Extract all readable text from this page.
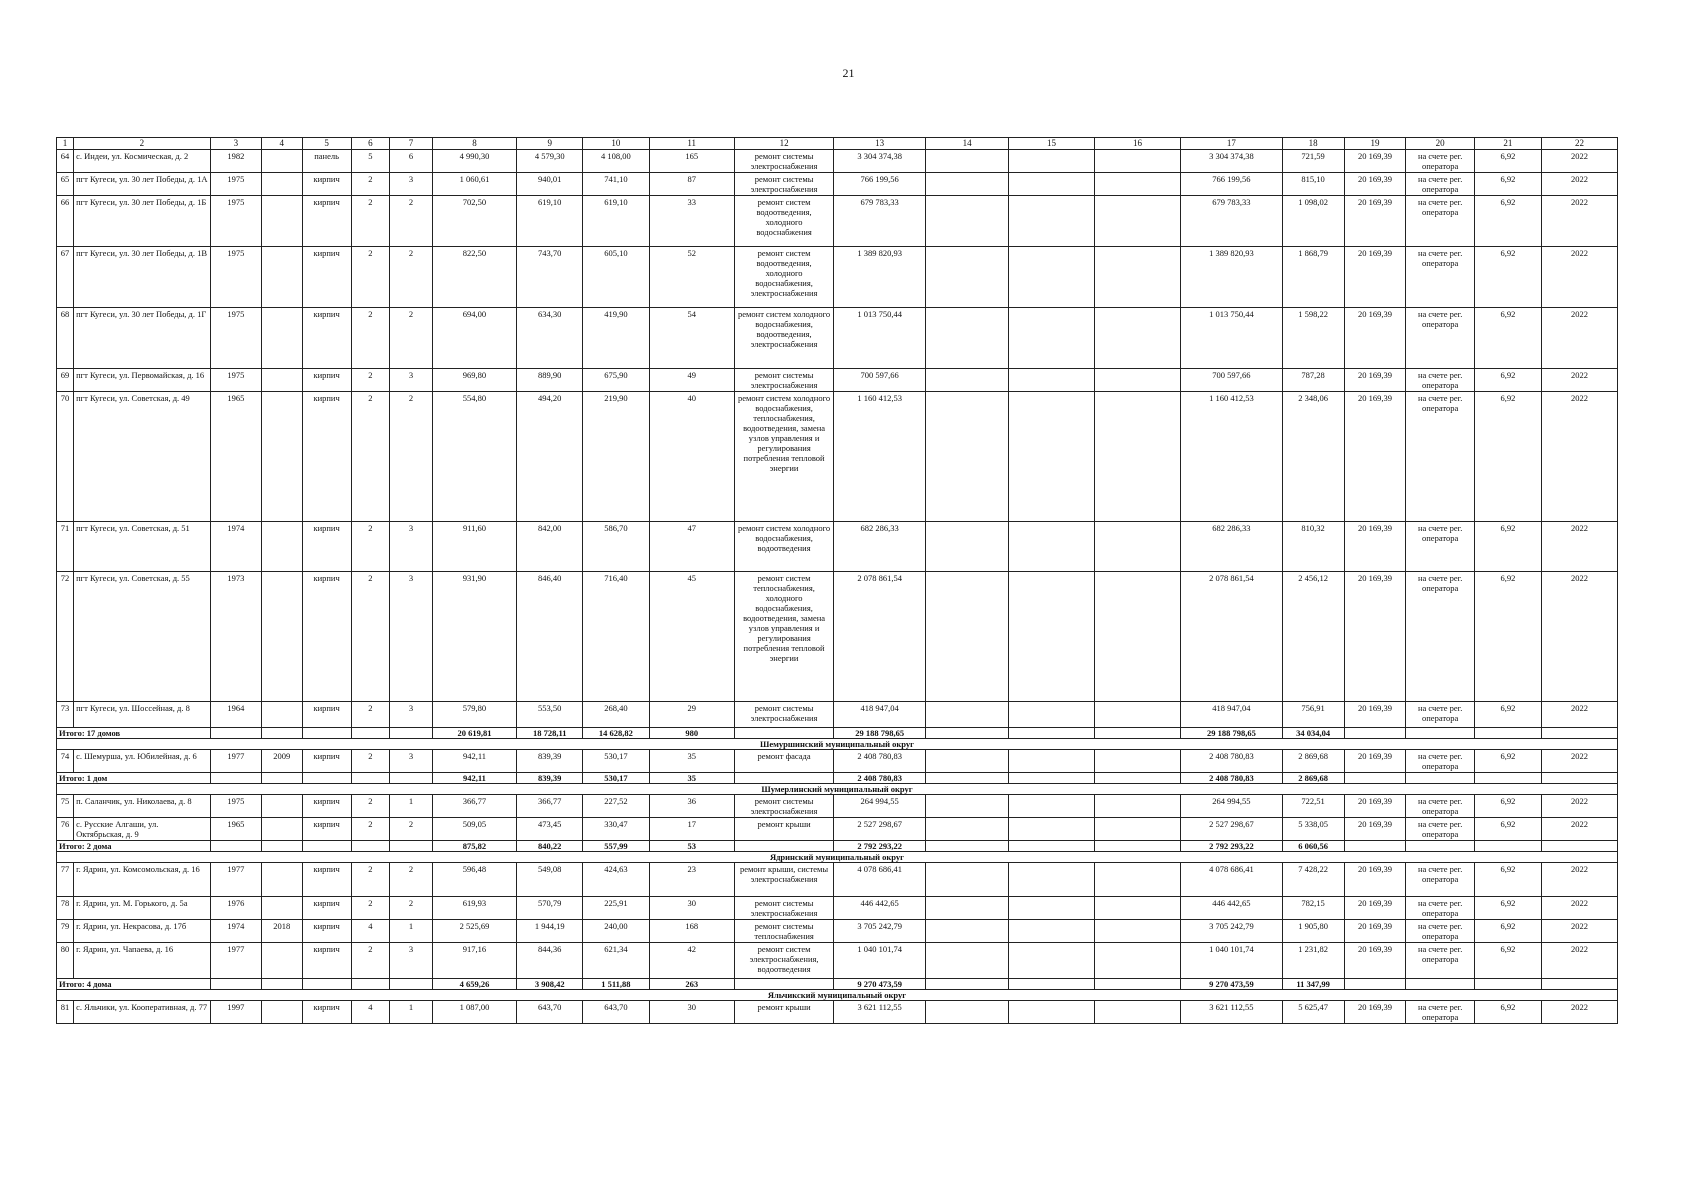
21
1	2	3	4	5	6	7	8	9	10	11	12	13	14	15	16	17	18	19	20	21	22
64	с. Индеи, ул. Космическая, д. 2	1982		панель	5	6	4 990,30	4 579,30	4 108,00	165	ремонт системы электроснабжения	3 304 374,38				3 304 374,38	721,59	20 169,39	на счете рег. оператора	6,92	2022
65	пгт Кугеси, ул. 30 лет Победы, д. 1А	1975		кирпич	2	3	1 060,61	940,01	741,10	87	ремонт системы электроснабжения	766 199,56				766 199,56	815,10	20 169,39	на счете рег. оператора	6,92	2022
66	пгт Кугеси, ул. 30 лет Победы, д. 1Б	1975		кирпич	2	2	702,50	619,10	619,10	33	ремонт систем водоотведения, холодного водоснабжения	679 783,33				679 783,33	1 098,02	20 169,39	на счете рег. оператора	6,92	2022
67	пгт Кугеси, ул. 30 лет Победы, д. 1В	1975		кирпич	2	2	822,50	743,70	605,10	52	ремонт систем водоотведения, холодного водоснабжения, электроснабжения	1 389 820,93				1 389 820,93	1 868,79	20 169,39	на счете рег. оператора	6,92	2022
68	пгт Кугеси, ул. 30 лет Победы, д. 1Г	1975		кирпич	2	2	694,00	634,30	419,90	54	ремонт систем холодного водоснабжения, водоотведения, электроснабжения	1 013 750,44				1 013 750,44	1 598,22	20 169,39	на счете рег. оператора	6,92	2022
69	пгт Кугеси, ул. Первомайская, д. 16	1975		кирпич	2	3	969,80	889,90	675,90	49	ремонт системы электроснабжения	700 597,66				700 597,66	787,28	20 169,39	на счете рег. оператора	6,92	2022
70	пгт Кугеси, ул. Советская, д. 49	1965		кирпич	2	2	554,80	494,20	219,90	40	ремонт систем холодного водоснабжения, теплоснабжения, водоотведения, замена узлов управления и регулирования потребления тепловой энергии	1 160 412,53				1 160 412,53	2 348,06	20 169,39	на счете рег. оператора	6,92	2022
71	пгт Кугеси, ул. Советская, д. 51	1974		кирпич	2	3	911,60	842,00	586,70	47	ремонт систем холодного водоснабжения, водоотведения	682 286,33				682 286,33	810,32	20 169,39	на счете рег. оператора	6,92	2022
72	пгт Кугеси, ул. Советская, д. 55	1973		кирпич	2	3	931,90	846,40	716,40	45	ремонт систем теплоснабжения, холодного водоснабжения, водоотведения, замена узлов управления и регулирования потребления тепловой энергии	2 078 861,54				2 078 861,54	2 456,12	20 169,39	на счете рег. оператора	6,92	2022
73	пгт Кугеси, ул. Шоссейная, д. 8	1964		кирпич	2	3	579,80	553,50	268,40	29	ремонт системы электроснабжения	418 947,04				418 947,04	756,91	20 169,39	на счете рег. оператора	6,92	2022
Итого: 17 домов							20 619,81	18 728,11	14 628,82	980		29 188 798,65				29 188 798,65	34 034,04				
Шемуршинский муниципальный округ																					
74	с. Шемурша, ул. Юбилейная, д. 6	1977	2009	кирпич	2	3	942,11	839,39	530,17	35	ремонт фасада	2 408 780,83				2 408 780,83	2 869,68	20 169,39	на счете рег. оператора	6,92	2022
Итого: 1 дом							942,11	839,39	530,17	35		2 408 780,83				2 408 780,83	2 869,68				
Шумерлинский муниципальный округ																					
75	п. Саланчик, ул. Николаева, д. 8	1975		кирпич	2	1	366,77	366,77	227,52	36	ремонт системы электроснабжения	264 994,55				264 994,55	722,51	20 169,39	на счете рег. оператора	6,92	2022
76	с. Русские Алгаши, ул. Октябрьская, д. 9	1965		кирпич	2	2	509,05	473,45	330,47	17	ремонт крыши	2 527 298,67				2 527 298,67	5 338,05	20 169,39	на счете рег. оператора	6,92	2022
Итого: 2 дома							875,82	840,22	557,99	53		2 792 293,22				2 792 293,22	6 060,56				
Ядринский муниципальный округ																					
77	г. Ядрин, ул. Комсомольская, д. 16	1977		кирпич	2	2	596,48	549,08	424,63	23	ремонт крыши, системы электроснабжения	4 078 686,41				4 078 686,41	7 428,22	20 169,39	на счете рег. оператора	6,92	2022
78	г. Ядрин, ул. М. Горького, д. 5а	1976		кирпич	2	2	619,93	570,79	225,91	30	ремонт системы электроснабжения	446 442,65				446 442,65	782,15	20 169,39	на счете рег. оператора	6,92	2022
79	г. Ядрин, ул. Некрасова, д. 17б	1974	2018	кирпич	4	1	2 525,69	1 944,19	240,00	168	ремонт системы теплоснабжения	3 705 242,79				3 705 242,79	1 905,80	20 169,39	на счете рег. оператора	6,92	2022
80	г. Ядрин, ул. Чапаева, д. 16	1977		кирпич	2	3	917,16	844,36	621,34	42	ремонт систем электроснабжения, водоотведения	1 040 101,74				1 040 101,74	1 231,82	20 169,39	на счете рег. оператора	6,92	2022
Итого: 4 дома							4 659,26	3 908,42	1 511,88	263		9 270 473,59				9 270 473,59	11 347,99				
Яльчикский муниципальный округ																					
81	с. Яльчики, ул. Кооперативная, д. 77	1997		кирпич	4	1	1 087,00	643,70	643,70	30	ремонт крыши	3 621 112,55				3 621 112,55	5 625,47	20 169,39	на счете рег. оператора	6,92	2022
